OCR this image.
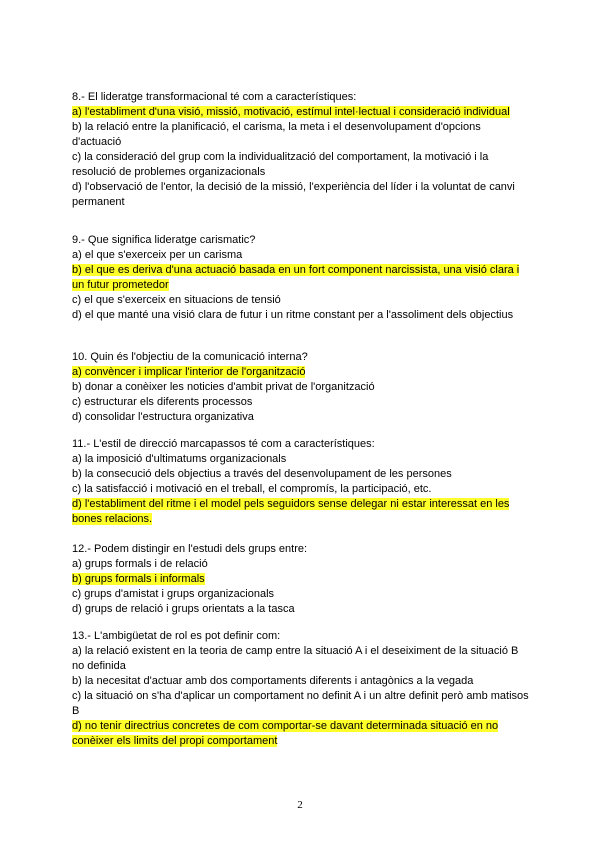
8.- El lideratge transformacional té com a característiques:
a) l'establiment d'una visió, missió, motivació, estímul intel·lectual i consideració individual
b) la relació entre la planificació, el carisma, la meta i el desenvolupament d'opcions d'actuació
c) la consideració del grup com la individualització del comportament, la motivació i la resolució de problemes organizacionals
d) l'observació de l'entor, la decisió de la missió, l'experiència del líder i la voluntat de canvi permanent
9.- Que significa lideratge carismatic?
a) el que s'exerceix per un carisma
b) el que es deriva d'una actuació basada en un fort component narcissista, una visió clara i un futur prometedor
c) el que s'exerceix en situacions de tensió
d) el que manté una visió clara de futur i un ritme constant per a l'assoliment dels objectius
10. Quin és l'objectiu de la comunicació interna?
a) convèncer i implicar l'interior de l'organització
b) donar a conèixer les noticies d'ambit privat de l'organització
c) estructurar els diferents processos
d) consolidar l'estructura organizativa
11.- L'estil de direcció marcapassos té com a característiques:
a) la imposició d'ultimatums organizacionals
b) la consecució dels objectius a través del desenvolupament de les persones
c) la satisfacció i motivació en el treball, el compromís, la participació, etc.
d) l'establiment del ritme i el model pels seguidors sense delegar ni estar interessat en les bones relacions.
12.- Podem distingir en l'estudi dels grups entre:
a) grups formals i de relació
b) grups formals i informals
c) grups d'amistat i grups organizacionals
d) grups de relació i grups orientats a la tasca
13.- L'ambigüetat de rol es pot definir com:
a) la relació existent en la teoria de camp entre la situació A i el deseiximent de la situació B no definida
b) la necesitat d'actuar amb dos comportaments diferents i antagònics a la vegada
c) la situació on s'ha d'aplicar un comportament no definit A i un altre definit però amb matisos B
d) no tenir directrius concretes de com comportar-se davant determinada situació en no conèixer els limits del propi comportament
2
